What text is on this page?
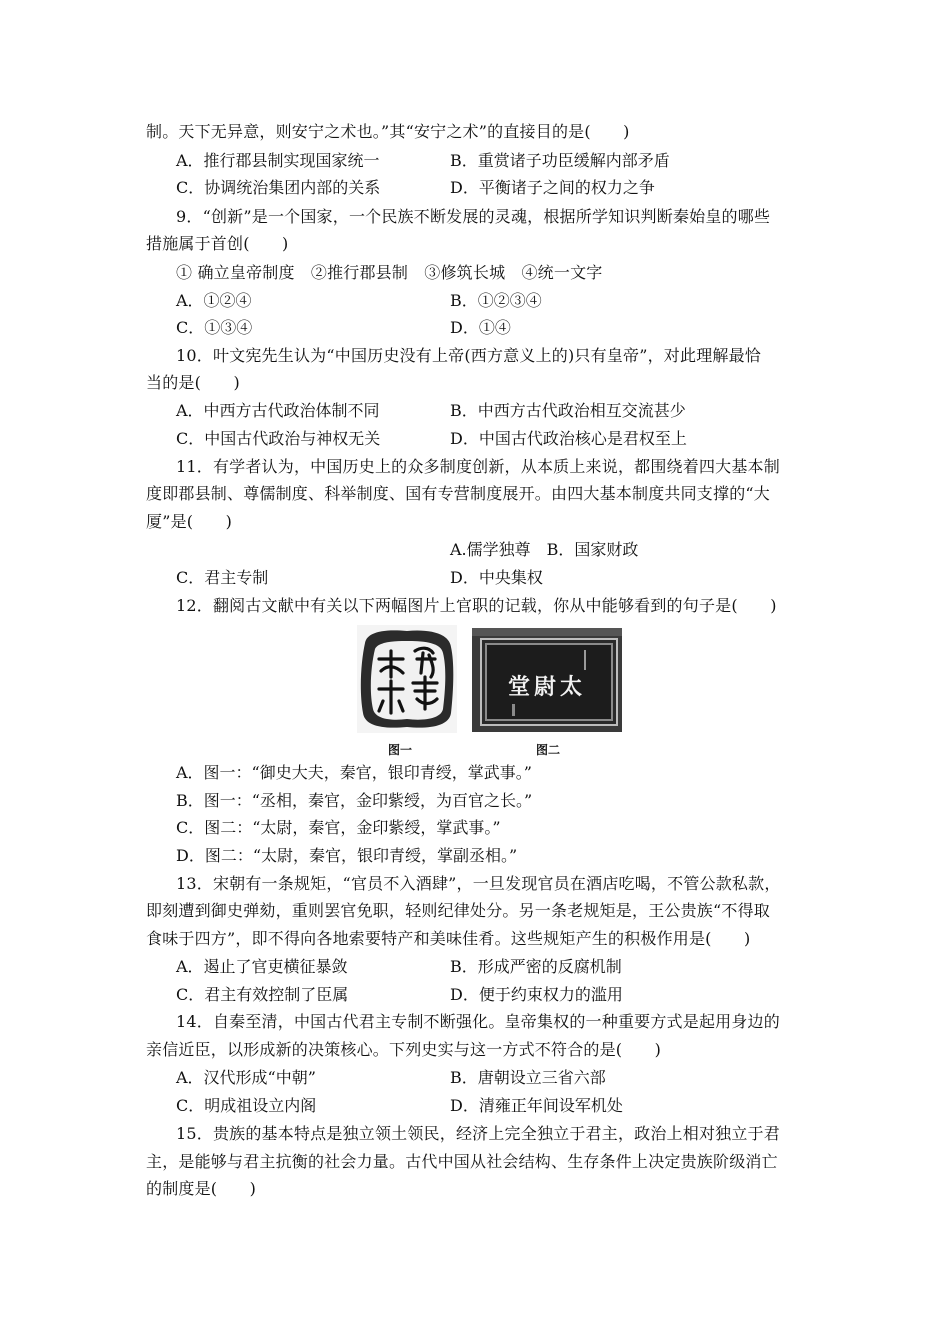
制。天下无异意，则安宁之术也。”其“安宁之术”的直接目的是(　　)
A．推行郡县制实现国家统一	B．重赏诸子功臣缓解内部矛盾
C．协调统治集团内部的关系	D．平衡诸子之间的权力之争
9．“创新”是一个国家，一个民族不断发展的灵魂，根据所学知识判断秦始皇的哪些
措施属于首创(　　)
① 确立皇帝制度　②推行郡县制　③修筑长城　④统一文字
A．①②④	B．①②③④
C．①③④	D．①④
10．叶文宪先生认为“中国历史没有上帝(西方意义上的)只有皇帝”，对此理解最恰
当的是(　　)
A．中西方古代政治体制不同	B．中西方古代政治相互交流甚少
C．中国古代政治与神权无关	D．中国古代政治核心是君权至上
11．有学者认为，中国历史上的众多制度创新，从本质上来说，都围绕着四大基本制
度即郡县制、尊儒制度、科举制度、国有专营制度展开。由四大基本制度共同支撑的“大
厦”是(　　)
A.儒学独尊　B．国家财政
C．君主专制	D．中央集权
12．翻阅古文献中有关以下两幅图片上官职的记载，你从中能够看到的句子是(　　)
图一
太尉堂
图二
A．图一：“御史大夫，秦官，银印青绶，掌武事。”
B．图一：“丞相，秦官，金印紫绶，为百官之长。”
C．图二：“太尉，秦官，金印紫绶，掌武事。”
D．图二：“太尉，秦官，银印青绶，掌副丞相。”
13．宋朝有一条规矩，“官员不入酒肆”，一旦发现官员在酒店吃喝，不管公款私款，
即刻遭到御史弹劾，重则罢官免职，轻则纪律处分。另一条老规矩是，王公贵族“不得取
食味于四方”，即不得向各地索要特产和美味佳肴。这些规矩产生的积极作用是(　　)
A．遏止了官吏横征暴敛	B．形成严密的反腐机制
C．君主有效控制了臣属	D．便于约束权力的滥用
14．自秦至清，中国古代君主专制不断强化。皇帝集权的一种重要方式是起用身边的
亲信近臣，以形成新的决策核心。下列史实与这一方式不符合的是(　　)
A．汉代形成“中朝”	B．唐朝设立三省六部
C．明成祖设立内阁	D．清雍正年间设军机处
15．贵族的基本特点是独立领土领民，经济上完全独立于君主，政治上相对独立于君
主，是能够与君主抗衡的社会力量。古代中国从社会结构、生存条件上决定贵族阶级消亡
的制度是(　　)
